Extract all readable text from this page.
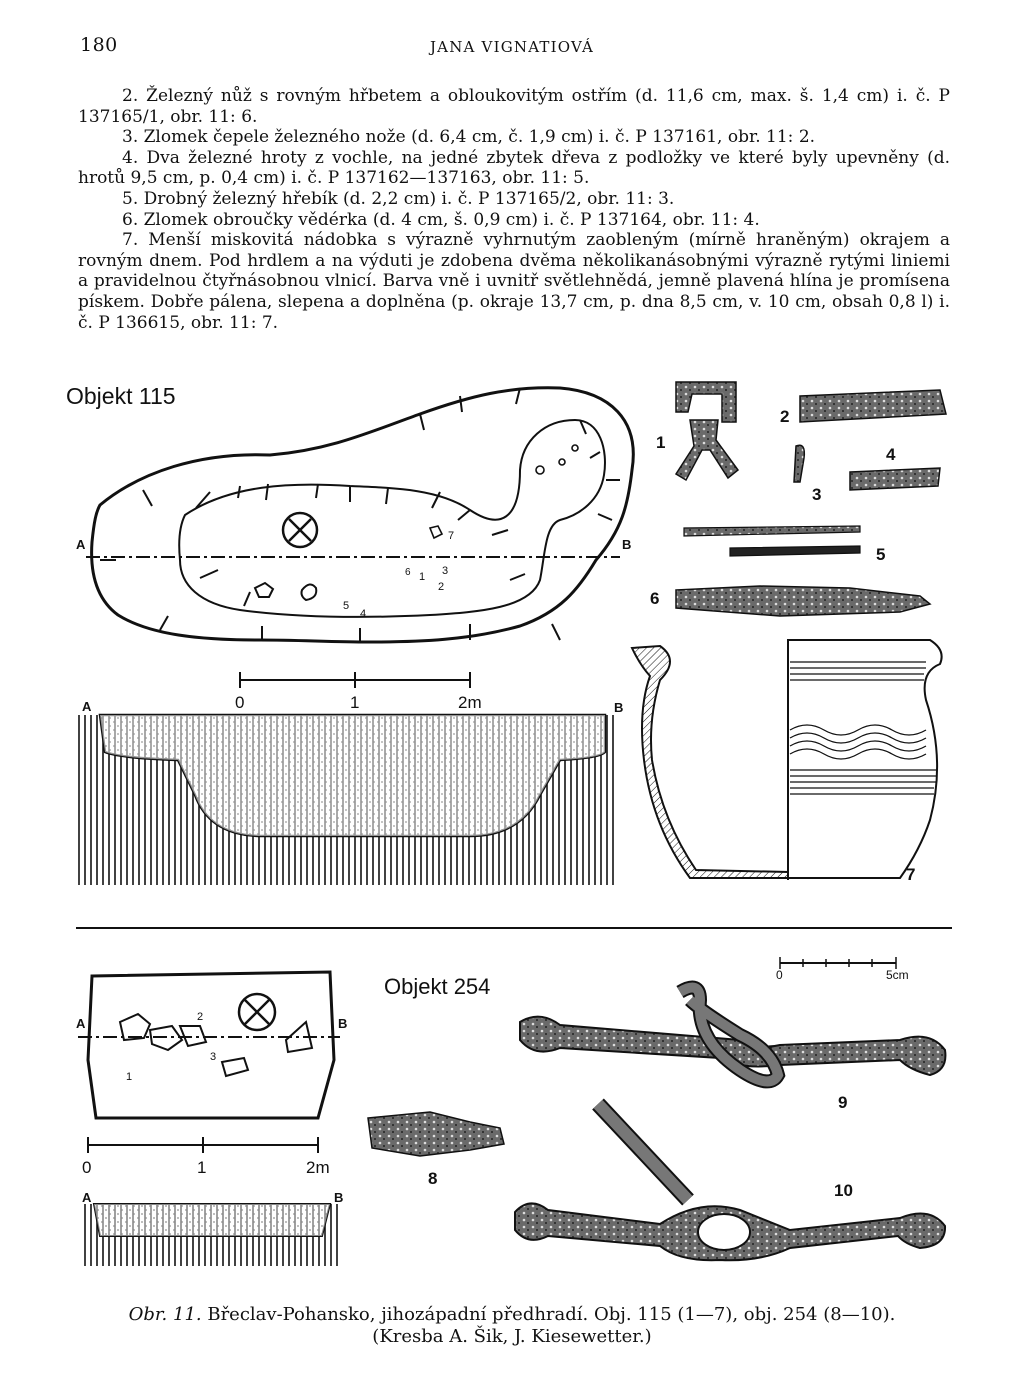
180	JANA VIGNATIOVÁ

2. Železný nůž s rovným hřbetem a obloukovitým ostřím (d. 11,6 cm, max. š. 1,4 cm) i. č. P 137165/1, obr. 11: 6.

3. Zlomek čepele železného nože (d. 6,4 cm, č. 1,9 cm) i. č. P 137161, obr. 11: 2.

4. Dva železné hroty z vochle, na jedné zbytek dřeva z podložky ve které byly upevněny (d. hrotů 9,5 cm, p. 0,4 cm) i. č. P 137162—137163, obr. 11: 5.

5. Drobný železný hřebík (d. 2,2 cm) i. č. P 137165/2, obr. 11: 3.

6. Zlomek obroučky vědérka (d. 4 cm, š. 0,9 cm) i. č. P 137164, obr. 11: 4.

7. Menší miskovitá nádobka s výrazně vyhrnutým zaobleným (mírně hraněným) okrajem a rovným dnem. Pod hrdlem a na výduti je zdobena dvěma několikanásobnými výrazně rytými liniemi a pravidelnou čtyřnásobnou vlnicí. Barva vně i uvnitř světlehnědá, jemně plavená hlína je promísena pískem. Dobře pálena, slepena a doplněna (p. okraje 13,7 cm, p. dna 8,5 cm, v. 10 cm, obsah 0,8 l) i. č. P 136615, obr. 11: 7.

Objekt 115
A	B
7
6
5
4
1 3
2
0	1	2m
A	B
1
2
3
4
5
6
7
A	B
1
2
3
0	1	2m
A	B
Objekt 254	0	5cm
8
9
10
Obr. 11. Břeclav-Pohansko, jihozápadní předhradí. Obj. 115 (1—7), obj. 254 (8—10).
(Kresba A. Šik, J. Kiesewetter.)
